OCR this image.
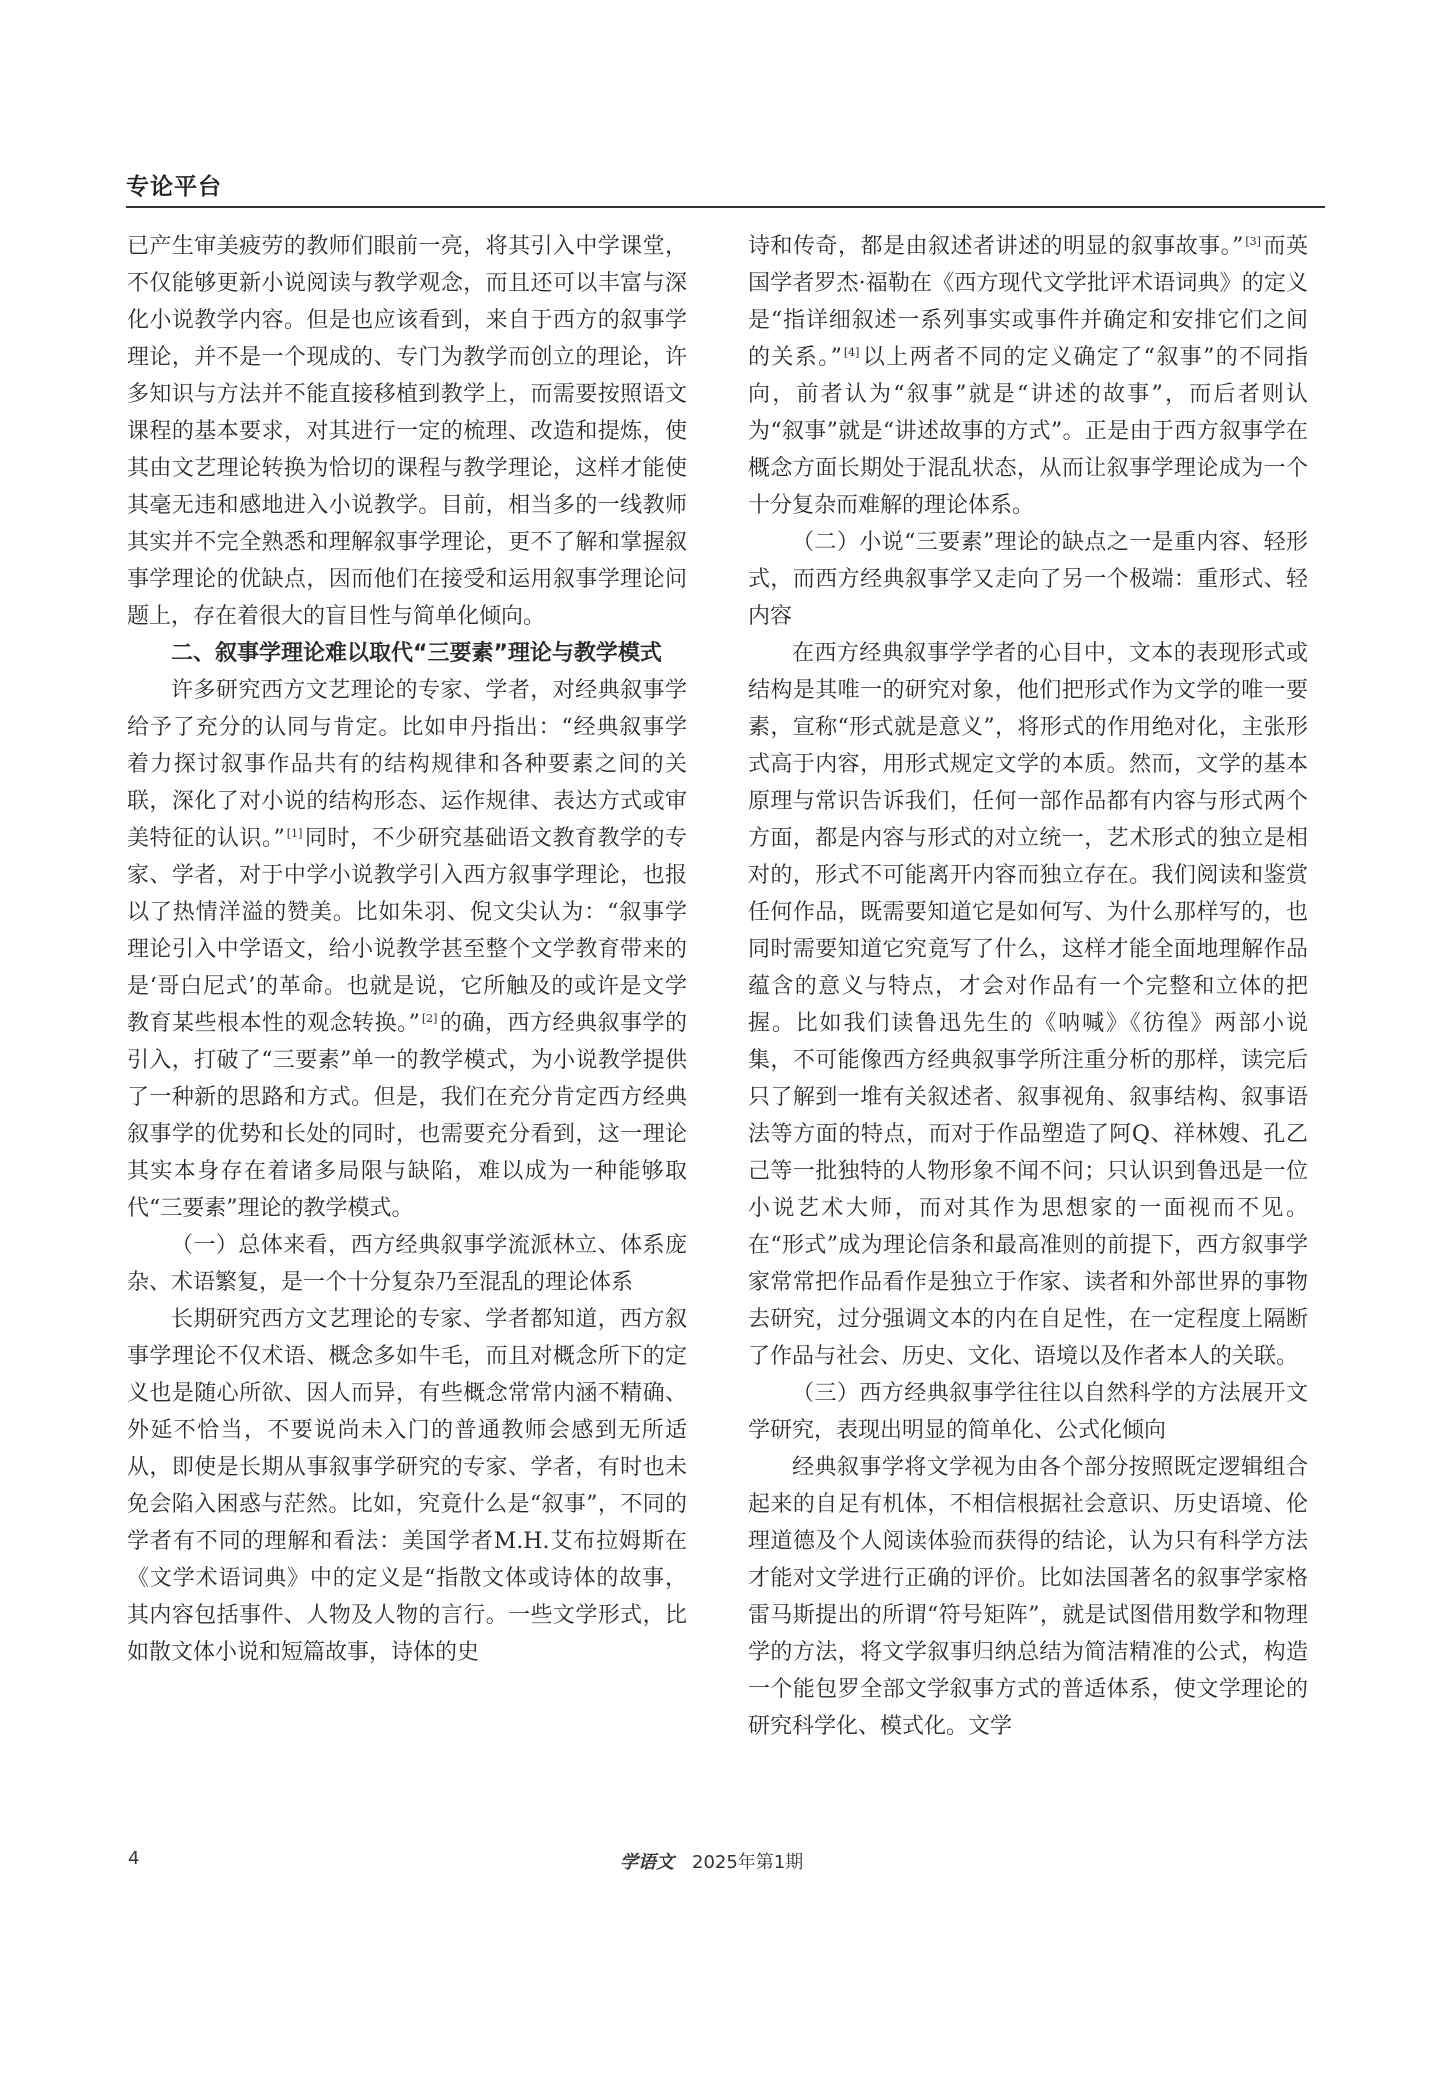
专论平台

已产生审美疲劳的教师们眼前一亮，将其引入中学课堂，不仅能够更新小说阅读与教学观念，而且还可以丰富与深化小说教学内容。但是也应该看到，来自于西方的叙事学理论，并不是一个现成的、专门为教学而创立的理论，许多知识与方法并不能直接移植到教学上，而需要按照语文课程的基本要求，对其进行一定的梳理、改造和提炼，使其由文艺理论转换为恰切的课程与教学理论，这样才能使其毫无违和感地进入小说教学。目前，相当多的一线教师其实并不完全熟悉和理解叙事学理论，更不了解和掌握叙事学理论的优缺点，因而他们在接受和运用叙事学理论问题上，存在着很大的盲目性与简单化倾向。

二、叙事学理论难以取代“三要素”理论与教学模式

许多研究西方文艺理论的专家、学者，对经典叙事学给予了充分的认同与肯定。比如申丹指出：“经典叙事学着力探讨叙事作品共有的结构规律和各种要素之间的关联，深化了对小说的结构形态、运作规律、表达方式或审美特征的认识。” [1]同时，不少研究基础语文教育教学的专家、学者，对于中学小说教学引入西方叙事学理论，也报以了热情洋溢的赞美。比如朱羽、倪文尖认为：“叙事学理论引入中学语文，给小说教学甚至整个文学教育带来的是‘哥白尼式’的革命。也就是说，它所触及的或许是文学教育某些根本性的观念转换。” [2]的确，西方经典叙事学的引入，打破了“三要素”单一的教学模式，为小说教学提供了一种新的思路和方式。但是，我们在充分肯定西方经典叙事学的优势和长处的同时，也需要充分看到，这一理论其实本身存在着诸多局限与缺陷，难以成为一种能够取代“三要素”理论的教学模式。

（一）总体来看，西方经典叙事学流派林立、体系庞杂、术语繁复，是一个十分复杂乃至混乱的理论体系

长期研究西方文艺理论的专家、学者都知道，西方叙事学理论不仅术语、概念多如牛毛，而且对概念所下的定义也是随心所欲、因人而异，有些概念常常内涵不精确、外延不恰当，不要说尚未入门的普通教师会感到无所适从，即使是长期从事叙事学研究的专家、学者，有时也未免会陷入困惑与茫然。比如，究竟什么是“叙事”，不同的学者有不同的理解和看法：美国学者M.H.艾布拉姆斯在《文学术语词典》中的定义是“指散文体或诗体的故事，其内容包括事件、人物及人物的言行。一些文学形式，比如散文体小说和短篇故事，诗体的史

诗和传奇，都是由叙述者讲述的明显的叙事故事。” [3]而英国学者罗杰·福勒在《西方现代文学批评术语词典》的定义是“指详细叙述一系列事实或事件并确定和安排它们之间的关系。” [4]以上两者不同的定义确定了“叙事”的不同指向，前者认为“叙事”就是“讲述的故事”，而后者则认为“叙事”就是“讲述故事的方式”。正是由于西方叙事学在概念方面长期处于混乱状态，从而让叙事学理论成为一个十分复杂而难解的理论体系。

（二）小说“三要素”理论的缺点之一是重内容、轻形式，而西方经典叙事学又走向了另一个极端：重形式、轻内容

在西方经典叙事学学者的心目中，文本的表现形式或结构是其唯一的研究对象，他们把形式作为文学的唯一要素，宣称“形式就是意义”，将形式的作用绝对化，主张形式高于内容，用形式规定文学的本质。然而，文学的基本原理与常识告诉我们，任何一部作品都有内容与形式两个方面，都是内容与形式的对立统一，艺术形式的独立是相对的，形式不可能离开内容而独立存在。我们阅读和鉴赏任何作品，既需要知道它是如何写、为什么那样写的，也同时需要知道它究竟写了什么，这样才能全面地理解作品蕴含的意义与特点，才会对作品有一个完整和立体的把握。比如我们读鲁迅先生的《呐喊》《彷徨》两部小说集，不可能像西方经典叙事学所注重分析的那样，读完后只了解到一堆有关叙述者、叙事视角、叙事结构、叙事语法等方面的特点，而对于作品塑造了阿Q、祥林嫂、孔乙己等一批独特的人物形象不闻不问；只认识到鲁迅是一位小说艺术大师，而对其作为思想家的一面视而不见。在“形式”成为理论信条和最高准则的前提下，西方叙事学家常常把作品看作是独立于作家、读者和外部世界的事物去研究，过分强调文本的内在自足性，在一定程度上隔断了作品与社会、历史、文化、语境以及作者本人的关联。

（三）西方经典叙事学往往以自然科学的方法展开文学研究，表现出明显的简单化、公式化倾向

经典叙事学将文学视为由各个部分按照既定逻辑组合起来的自足有机体，不相信根据社会意识、历史语境、伦理道德及个人阅读体验而获得的结论，认为只有科学方法才能对文学进行正确的评价。比如法国著名的叙事学家格雷马斯提出的所谓“符号矩阵”，就是试图借用数学和物理学的方法，将文学叙事归纳总结为简洁精准的公式，构造一个能包罗全部文学叙事方式的普适体系，使文学理论的研究科学化、模式化。文学

4	学语文 2025年第1期
